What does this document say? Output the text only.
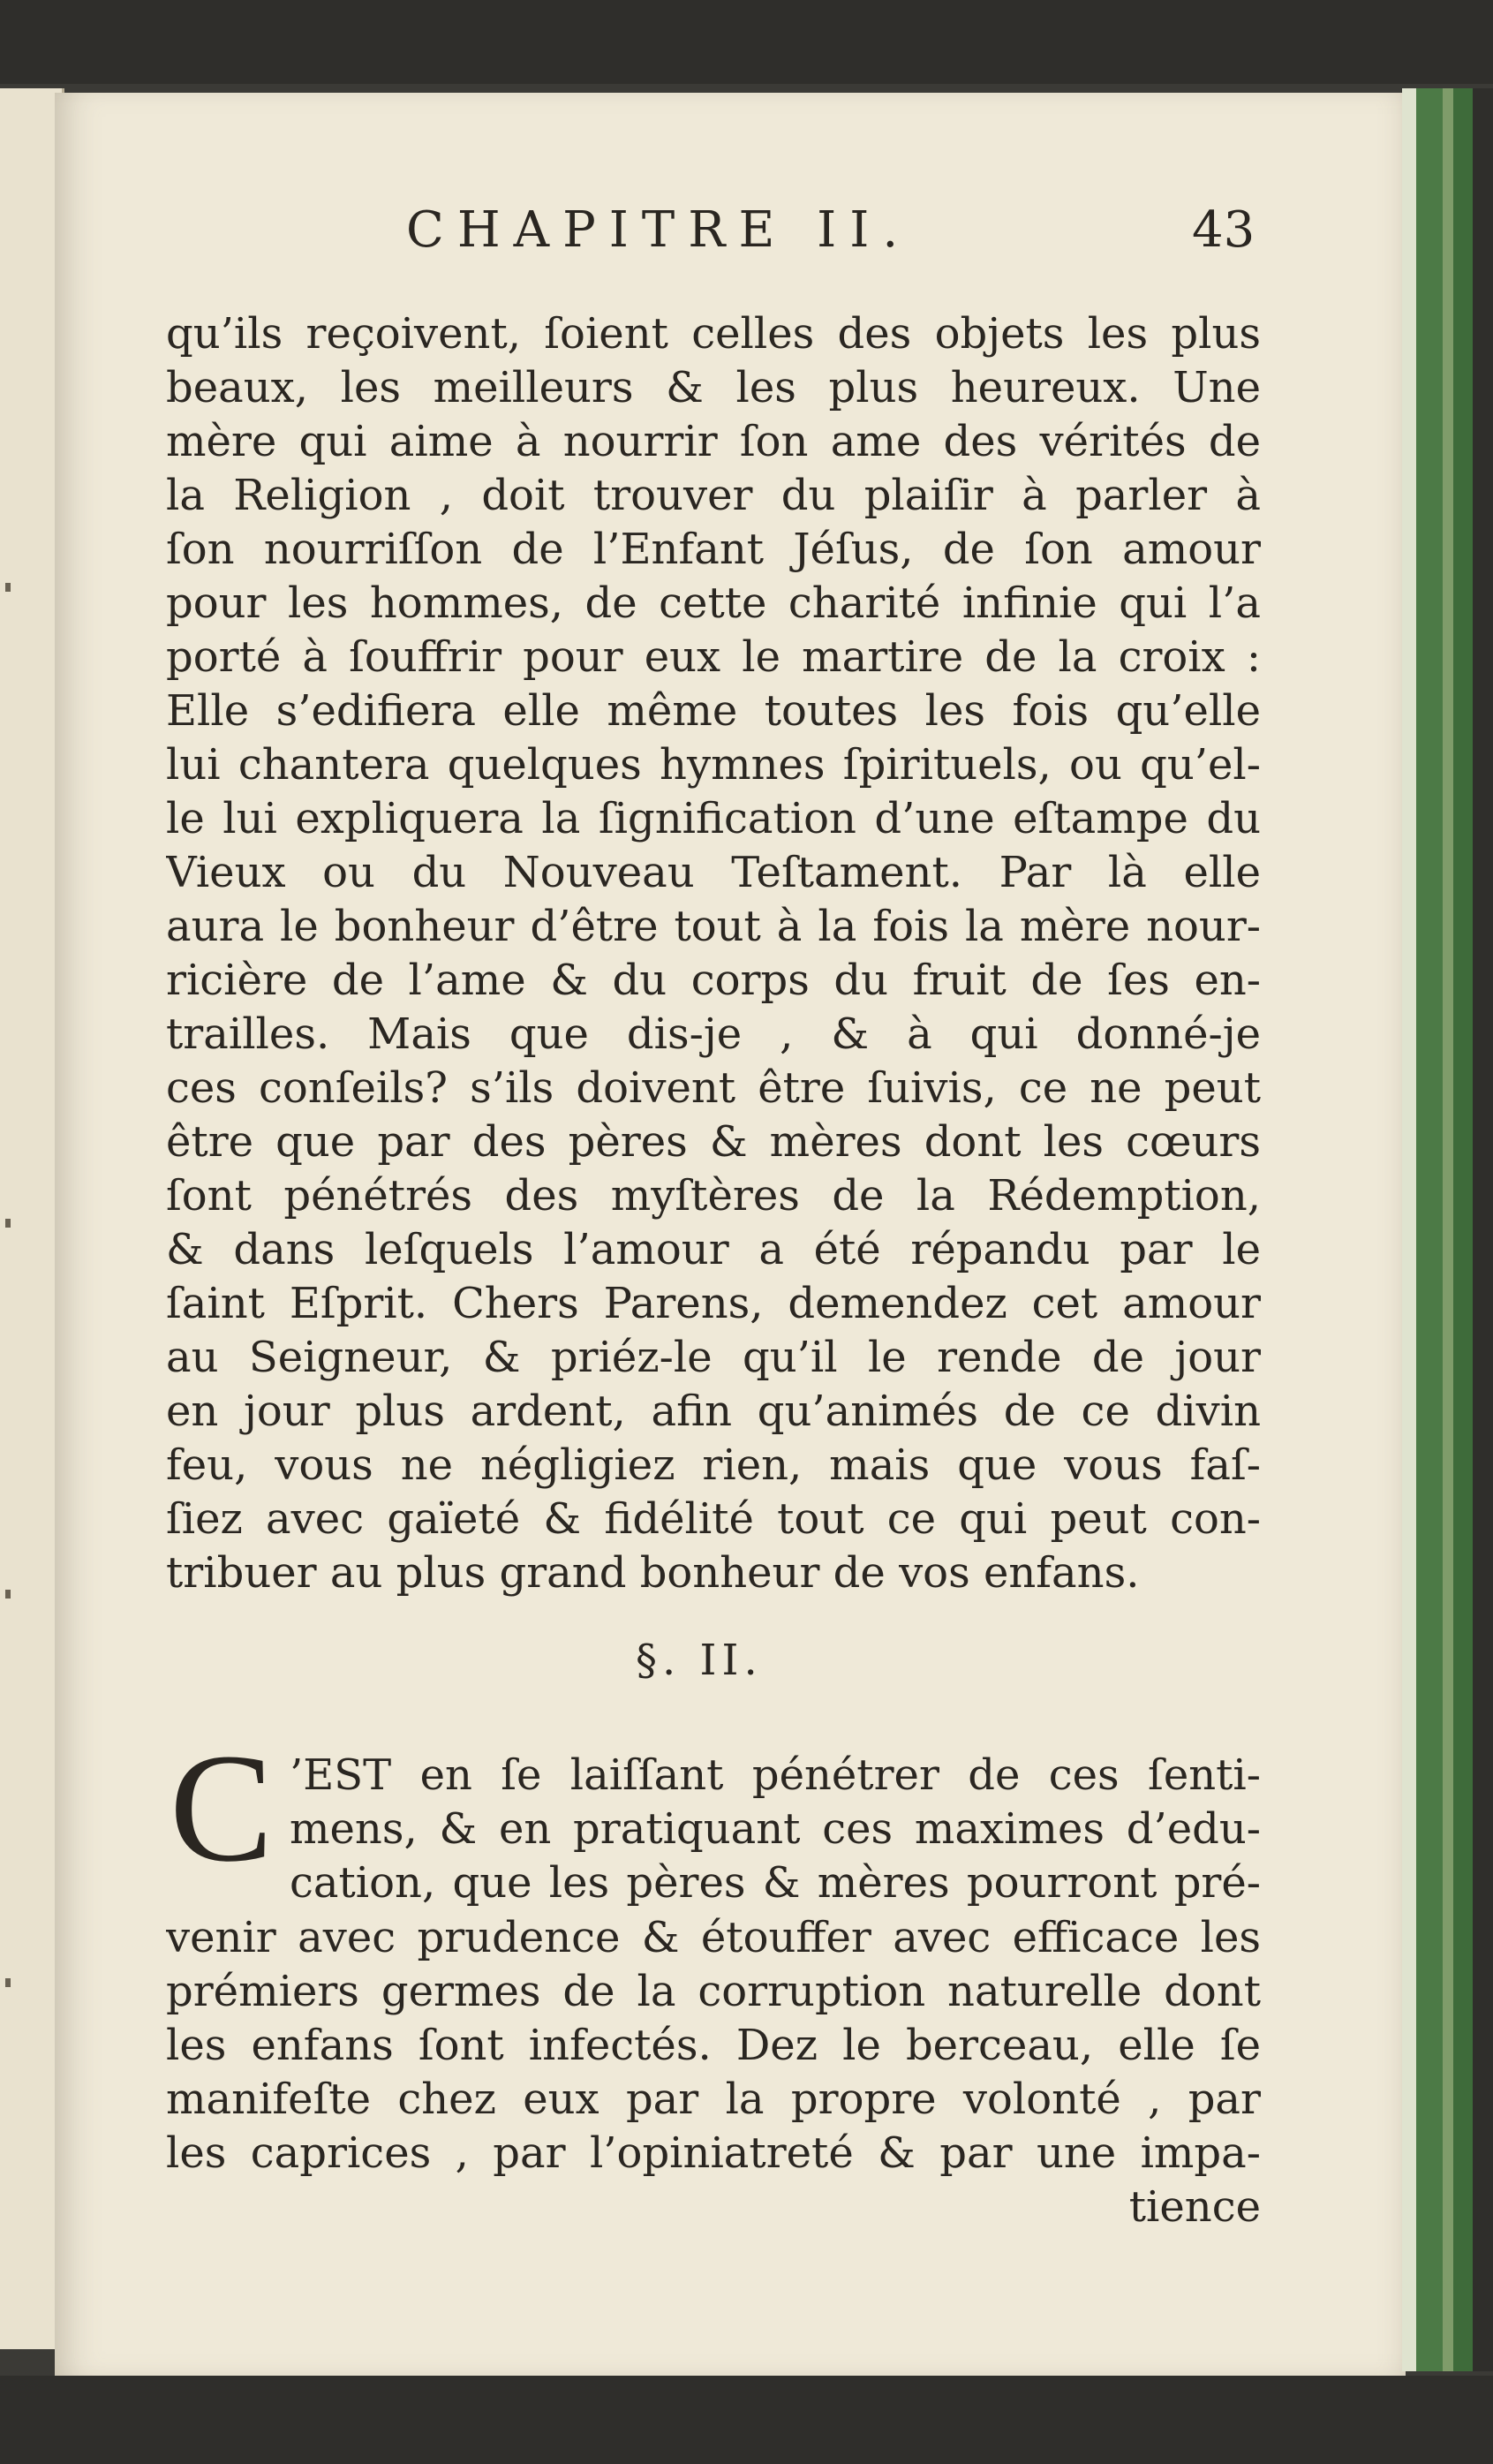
CHAPITRE II.	43
qu’ils reçoivent, ſoient celles des objets les plus
beaux, les meilleurs & les plus heureux. Une
mère qui aime à nourrir ſon ame des vérités de
la Religion , doit trouver du plaiſir à parler à
ſon nourriſſon de l’Enfant Jéſus, de ſon amour
pour les hommes, de cette charité infinie qui l’a
porté à ſouffrir pour eux le martire de la croix :
Elle s’edifiera elle même toutes les fois qu’elle
lui chantera quelques hymnes ſpirituels, ou qu’el-
le lui expliquera la ſignification d’une eſtampe du
Vieux ou du Nouveau Teſtament. Par là elle
aura le bonheur d’être tout à la fois la mère nour-
ricière de l’ame & du corps du fruit de ſes en-
trailles. Mais que dis-je , & à qui donné-je
ces conſeils? s’ils doivent être ſuivis, ce ne peut
être que par des pères & mères dont les cœurs
ſont pénétrés des myſtères de la Rédemption,
& dans leſquels l’amour a été répandu par le
ſaint Eſprit. Chers Parens, demendez cet amour
au Seigneur, & priéz-le qu’il le rende de jour
en jour plus ardent, afin qu’animés de ce divin
feu, vous ne négligiez rien, mais que vous faſ-
ſiez avec gaïeté & fidélité tout ce qui peut con-
tribuer au plus grand bonheur de vos enfans.
§. II.
C ’EST en ſe laiſſant pénétrer de ces ſenti-
mens, & en pratiquant ces maximes d’edu-
cation, que les pères & mères pourront pré-
venir avec prudence & étouffer avec efficace les
prémiers germes de la corruption naturelle dont
les enfans ſont infectés. Dez le berceau, elle ſe
manifeſte chez eux par la propre volonté , par
les caprices , par l’opiniatreté & par une impa-
tience
